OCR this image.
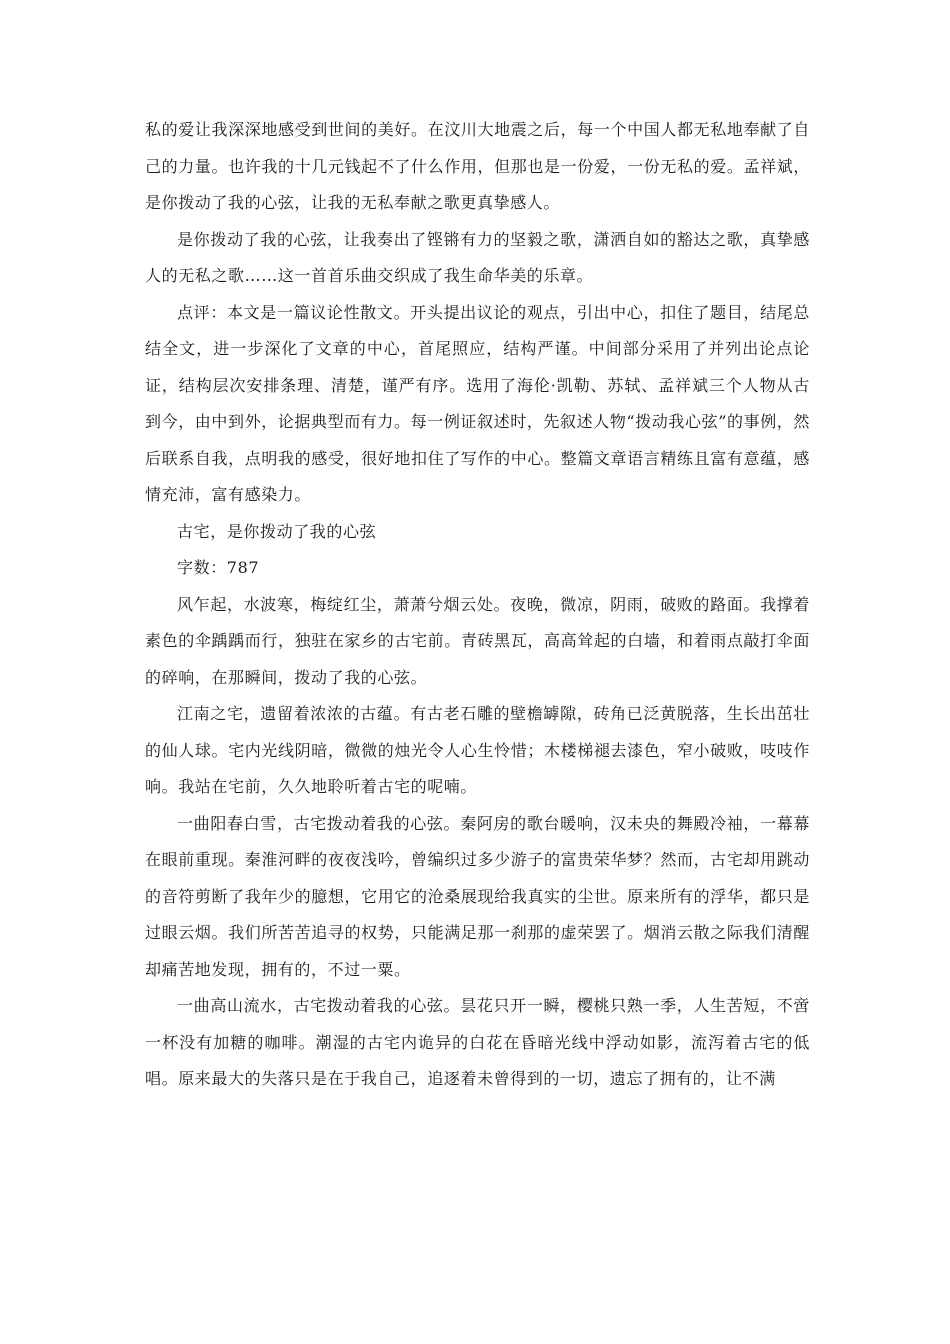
私的爱让我深深地感受到世间的美好。在汶川大地震之后，每一个中国人都无私地奉献了自己的力量。也许我的十几元钱起不了什么作用，但那也是一份爱，一份无私的爱。孟祥斌，是你拨动了我的心弦，让我的无私奉献之歌更真挚感人。

是你拨动了我的心弦，让我奏出了铿锵有力的坚毅之歌，潇洒自如的豁达之歌，真挚感人的无私之歌……这一首首乐曲交织成了我生命华美的乐章。

点评：本文是一篇议论性散文。开头提出议论的观点，引出中心，扣住了题目，结尾总结全文，进一步深化了文章的中心，首尾照应，结构严谨。中间部分采用了并列出论点论证，结构层次安排条理、清楚，谨严有序。选用了海伦·凯勒、苏轼、孟祥斌三个人物从古到今，由中到外，论据典型而有力。每一例证叙述时，先叙述人物“拨动我心弦”的事例，然后联系自我，点明我的感受，很好地扣住了写作的中心。整篇文章语言精练且富有意蕴，感情充沛，富有感染力。

古宅，是你拨动了我的心弦

字数：787

风乍起，水波寒，梅绽红尘，萧萧兮烟云处。夜晚，微凉，阴雨，破败的路面。我撑着素色的伞踽踽而行，独驻在家乡的古宅前。青砖黑瓦，高高耸起的白墙，和着雨点敲打伞面的碎响，在那瞬间，拨动了我的心弦。

江南之宅，遗留着浓浓的古蕴。有古老石雕的壁檐罅隙，砖角已泛黄脱落，生长出茁壮的仙人球。宅内光线阴暗，微微的烛光令人心生怜惜；木楼梯褪去漆色，窄小破败，吱吱作响。我站在宅前，久久地聆听着古宅的呢喃。

一曲阳春白雪，古宅拨动着我的心弦。秦阿房的歌台暖响，汉未央的舞殿冷袖，一幕幕在眼前重现。秦淮河畔的夜夜浅吟，曾编织过多少游子的富贵荣华梦？然而，古宅却用跳动的音符剪断了我年少的臆想，它用它的沧桑展现给我真实的尘世。原来所有的浮华，都只是过眼云烟。我们所苦苦追寻的权势，只能满足那一刹那的虚荣罢了。烟消云散之际我们清醒却痛苦地发现，拥有的，不过一粟。

一曲高山流水，古宅拨动着我的心弦。昙花只开一瞬，樱桃只熟一季，人生苦短，不啻一杯没有加糖的咖啡。潮湿的古宅内诡异的白花在昏暗光线中浮动如影，流泻着古宅的低唱。原来最大的失落只是在于我自己，追逐着未曾得到的一切，遗忘了拥有的，让不满
